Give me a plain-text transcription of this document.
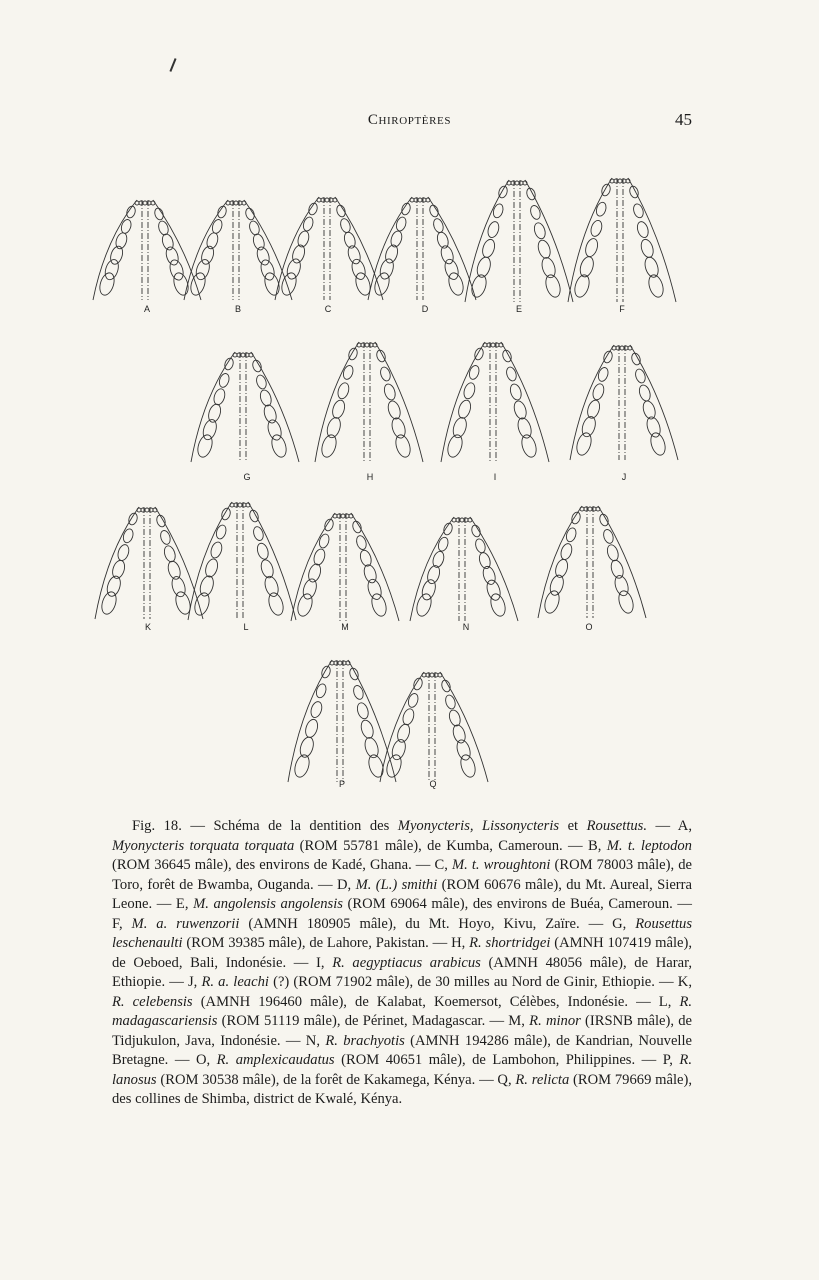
Chiroptères	45
A	B	C	D	E	F
G	H	I	J
K	L	M	N	O
P	Q

Fig. 18. — Schéma de la dentition des Myonycteris, Lissonycteris et Rousettus. — A, Myonycteris torquata torquata (ROM 55781 mâle), de Kumba, Cameroun. — B, M. t. leptodon (ROM 36645 mâle), des environs de Kadé, Ghana. — C, M. t. wroughtoni (ROM 78003 mâle), de Toro, forêt de Bwamba, Ouganda. — D, M. (L.) smithi (ROM 60676 mâle), du Mt. Aureal, Sierra Leone. — E, M. angolensis angolensis (ROM 69064 mâle), des environs de Buéa, Cameroun. — F, M. a. ruwenzorii (AMNH 180905 mâle), du Mt. Hoyo, Kivu, Zaïre. — G, Rousettus leschenaulti (ROM 39385 mâle), de Lahore, Pakistan. — H, R. shortridgei (AMNH 107419 mâle), de Oeboed, Bali, Indonésie. — I, R. aegyptiacus arabicus (AMNH 48056 mâle), de Harar, Ethiopie. — J, R. a. leachi (?) (ROM 71902 mâle), de 30 milles au Nord de Ginir, Ethiopie. — K, R. celebensis (AMNH 196460 mâle), de Kalabat, Koemersot, Célèbes, Indonésie. — L, R. madagascariensis (ROM 51119 mâle), de Périnet, Madagascar. — M, R. minor (IRSNB mâle), de Tidjukulon, Java, Indonésie. — N, R. brachyotis (AMNH 194286 mâle), de Kandrian, Nouvelle Bretagne. — O, R. amplexicaudatus (ROM 40651 mâle), de Lambohon, Philippines. — P, R. lanosus (ROM 30538 mâle), de la forêt de Kakamega, Kénya. — Q, R. relicta (ROM 79669 mâle), des collines de Shimba, district de Kwalé, Kénya.
